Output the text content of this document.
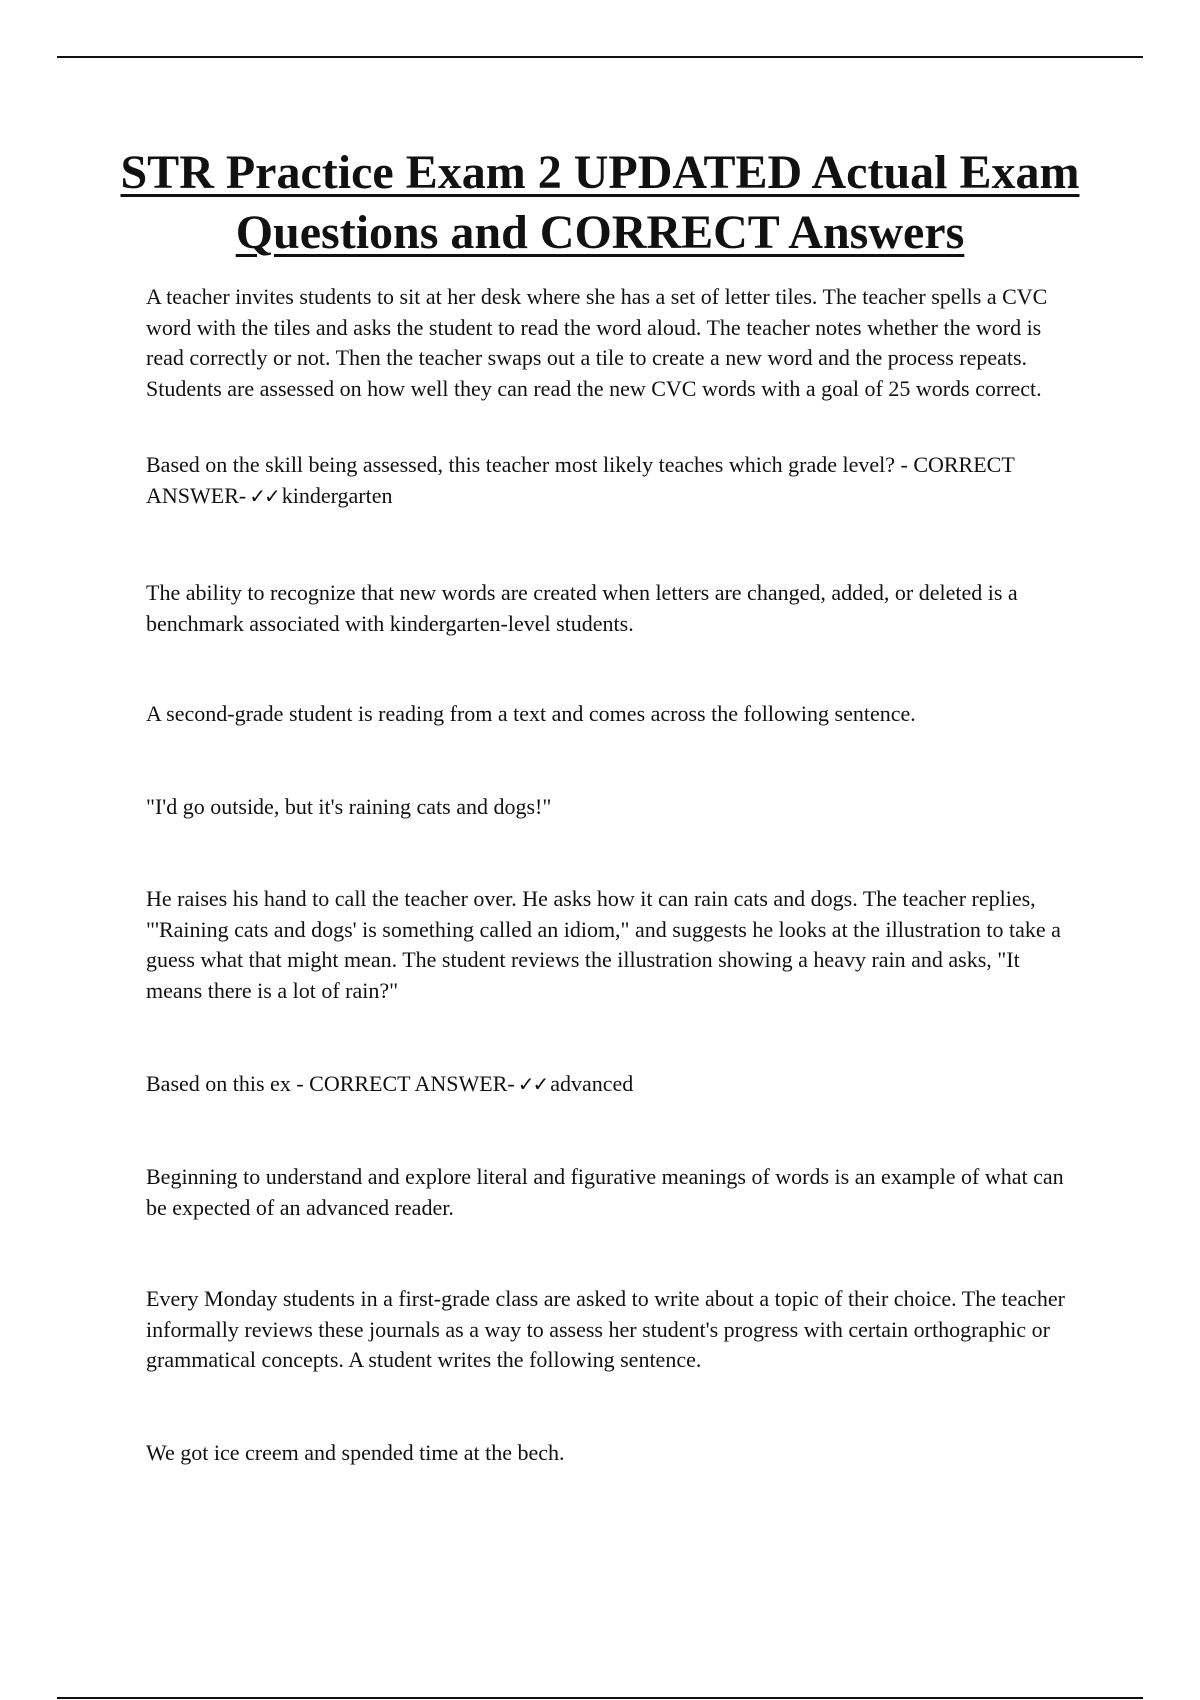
STR Practice Exam 2 UPDATED Actual Exam Questions and CORRECT Answers

A teacher invites students to sit at her desk where she has a set of letter tiles. The teacher spells a CVC word with the tiles and asks the student to read the word aloud. The teacher notes whether the word is read correctly or not. Then the teacher swaps out a tile to create a new word and the process repeats. Students are assessed on how well they can read the new CVC words with a goal of 25 words correct.

Based on the skill being assessed, this teacher most likely teaches which grade level? - CORRECT ANSWER- ✓✓ kindergarten

The ability to recognize that new words are created when letters are changed, added, or deleted is a benchmark associated with kindergarten-level students.

A second-grade student is reading from a text and comes across the following sentence.

"I'd go outside, but it's raining cats and dogs!"

He raises his hand to call the teacher over. He asks how it can rain cats and dogs. The teacher replies, "'Raining cats and dogs' is something called an idiom," and suggests he looks at the illustration to take a guess what that might mean. The student reviews the illustration showing a heavy rain and asks, "It means there is a lot of rain?"

Based on this ex - CORRECT ANSWER- ✓✓ advanced

Beginning to understand and explore literal and figurative meanings of words is an example of what can be expected of an advanced reader.

Every Monday students in a first-grade class are asked to write about a topic of their choice. The teacher informally reviews these journals as a way to assess her student's progress with certain orthographic or grammatical concepts. A student writes the following sentence.

We got ice creem and spended time at the bech.
